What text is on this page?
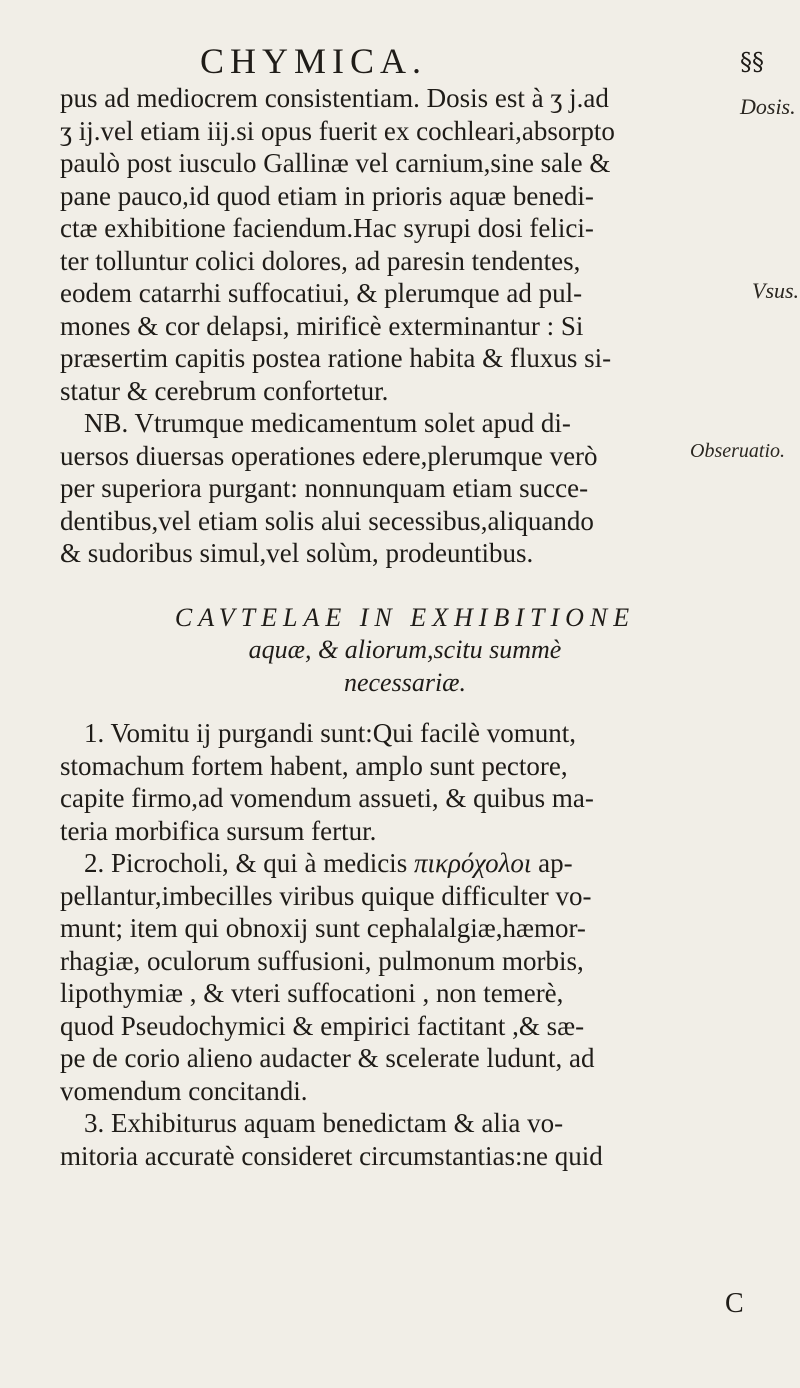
CHYMICA.	§§
Dosis.
Vsus.
Obseruatio.
pus ad mediocrem consistentiam. Dosis est à ʒ j.ad
ʒ ij.vel etiam iij.si opus fuerit ex cochleari,absorpto
paulò post iusculo Gallinæ vel carnium,sine sale &
pane pauco,id quod etiam in prioris aquæ benedi-
ctæ exhibitione faciendum.Hac syrupi dosi felici-
ter tolluntur colici dolores, ad paresin tendentes,
eodem catarrhi suffocatiui, & plerumque ad pul-
mones & cor delapsi, mirificè exterminantur : Si
præsertim capitis postea ratione habita & fluxus si-
statur & cerebrum confortetur.
NB. Vtrumque medicamentum solet apud di-
uersos diuersas operationes edere,plerumque verò
per superiora purgant: nonnunquam etiam succe-
dentibus,vel etiam solis alui secessibus,aliquando
& sudoribus simul,vel solùm, prodeuntibus.
CAVTELAE IN EXHIBITIONE
aquæ, & aliorum,scitu summè
necessariæ.
1. Vomitu ij purgandi sunt:Qui facilè vomunt,
stomachum fortem habent, amplo sunt pectore,
capite firmo,ad vomendum assueti, & quibus ma-
teria morbifica sursum fertur.
2. Picrocholi, & qui à medicis πικρόχολοι ap-
pellantur,imbecilles viribus quique difficulter vo-
munt; item qui obnoxij sunt cephalalgiæ,hæmor-
rhagiæ, oculorum suffusioni, pulmonum morbis,
lipothymiæ , & vteri suffocationi , non temerè,
quod Pseudochymici & empirici factitant ,& sæ-
pe de corio alieno audacter & scelerate ludunt, ad
vomendum concitandi.
3. Exhibiturus aquam benedictam & alia vo-
mitoria accuratè consideret circumstantias:ne quid
C
